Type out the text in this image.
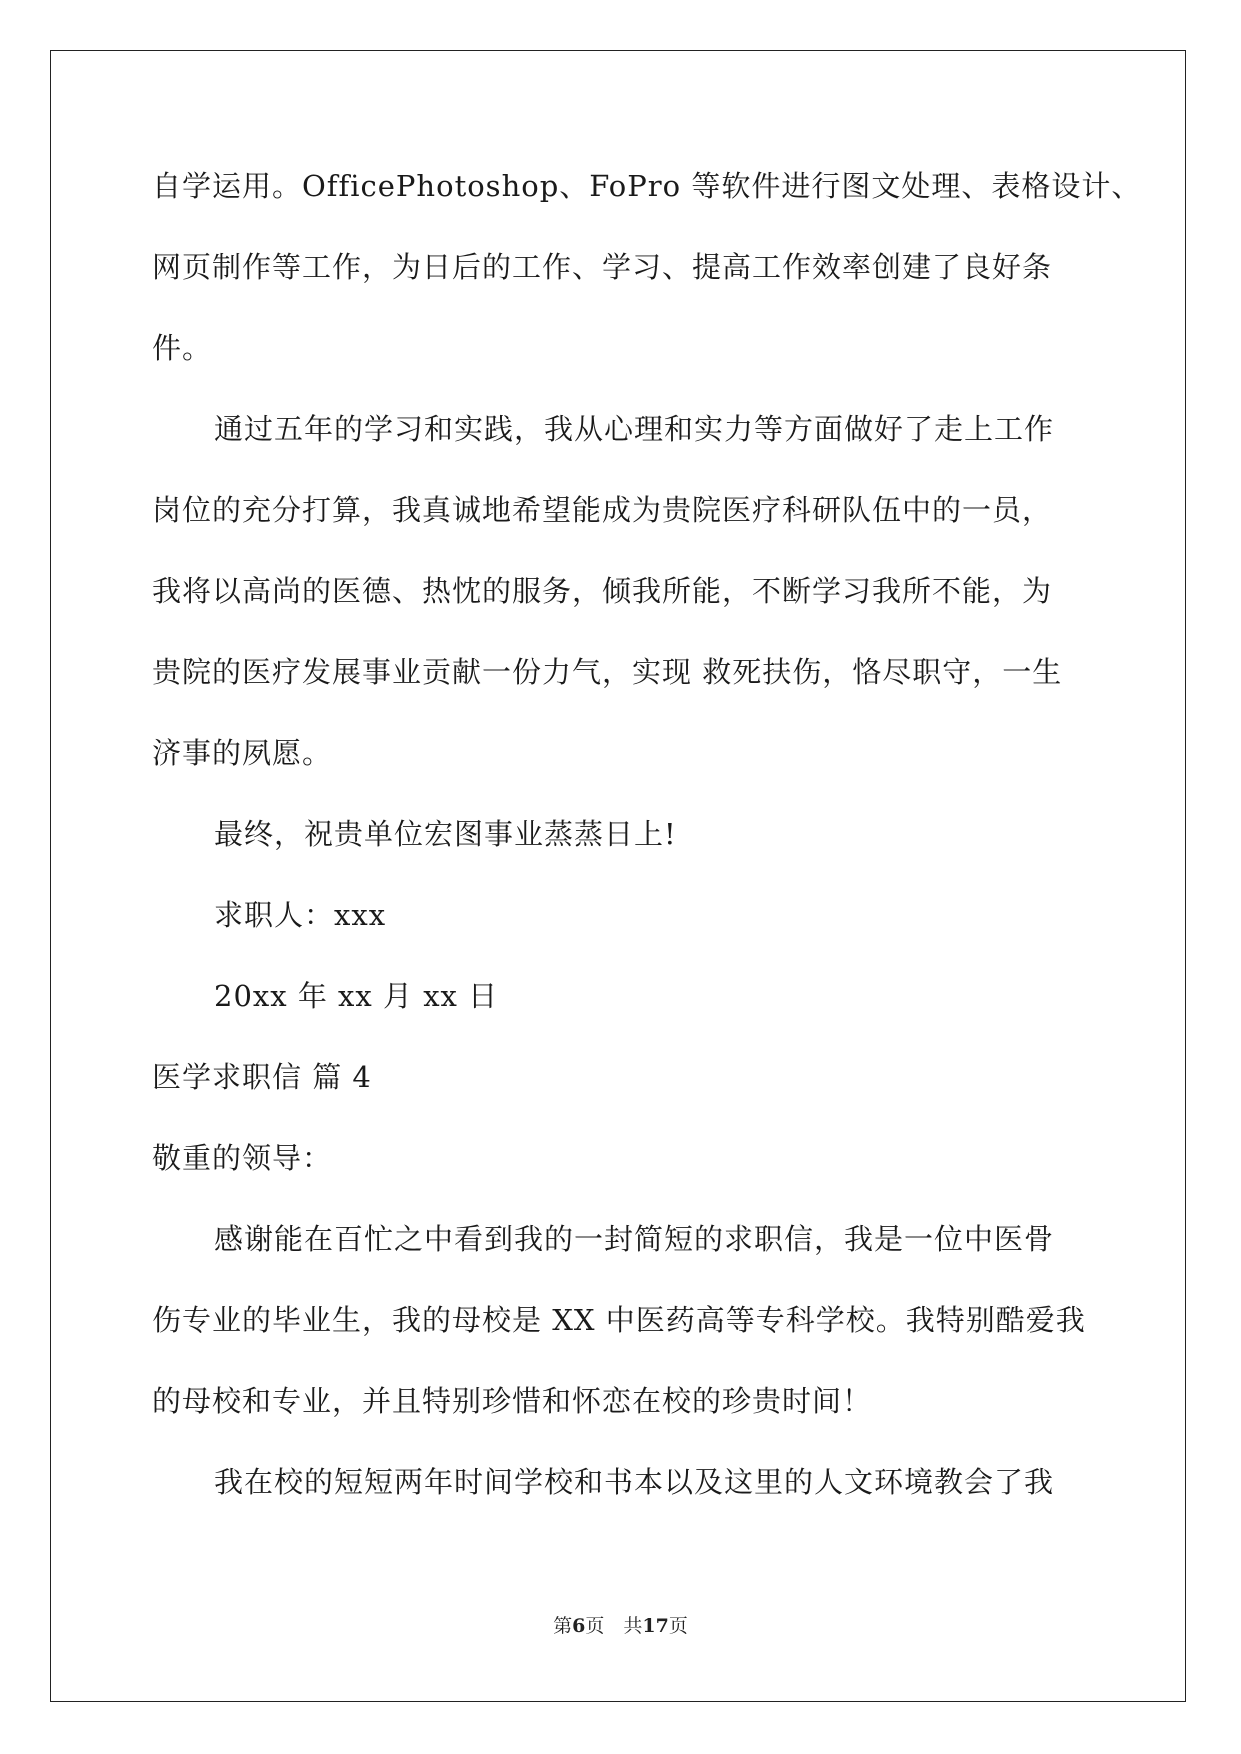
自学运用。OfficePhotoshop、FoPro 等软件进行图文处理、表格设计、
网页制作等工作，为日后的工作、学习、提高工作效率创建了良好条
件。
通过五年的学习和实践，我从心理和实力等方面做好了走上工作
岗位的充分打算，我真诚地希望能成为贵院医疗科研队伍中的一员，
我将以高尚的医德、热忱的服务，倾我所能，不断学习我所不能，为
贵院的医疗发展事业贡献一份力气，实现 救死扶伤，恪尽职守，一生
济事的夙愿。
最终，祝贵单位宏图事业蒸蒸日上!
求职人：xxx
20xx 年 xx 月 xx 日
医学求职信 篇 4
敬重的领导：
感谢能在百忙之中看到我的一封简短的求职信，我是一位中医骨
伤专业的毕业生，我的母校是 XX 中医药高等专科学校。我特别酷爱我
的母校和专业，并且特别珍惜和怀恋在校的珍贵时间！
我在校的短短两年时间学校和书本以及这里的人文环境教会了我
第6页　共17页
